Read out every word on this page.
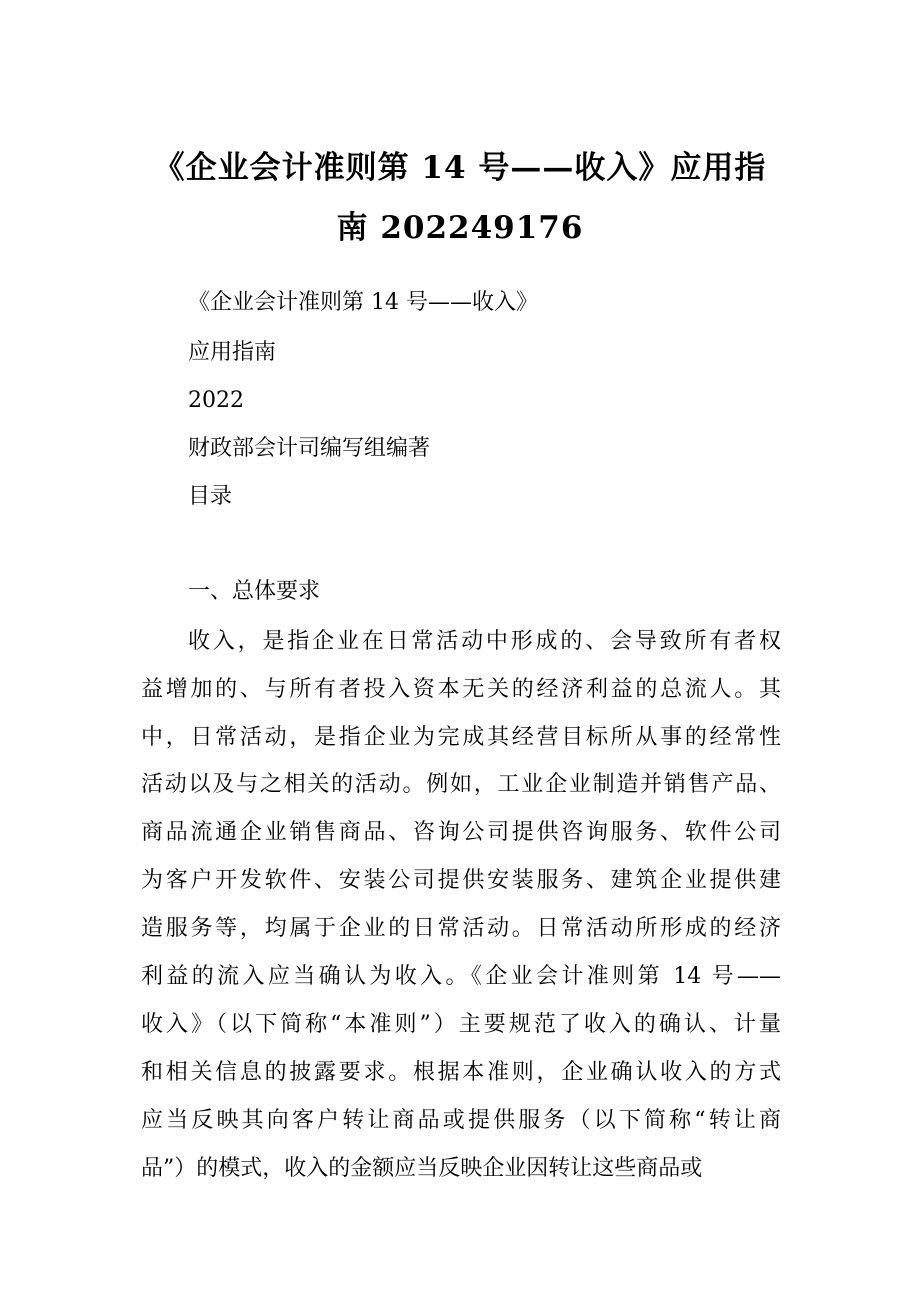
《企业会计准则第 14 号——收入》应用指
南 202249176
《企业会计准则第 14 号——收入》
应用指南
2022
财政部会计司编写组编著
目录
一、总体要求
收入，是指企业在日常活动中形成的、会导致所有者权
益增加的、与所有者投入资本无关的经济利益的总流人。其
中，日常活动，是指企业为完成其经营目标所从事的经常性
活动以及与之相关的活动。例如，工业企业制造并销售产品、
商品流通企业销售商品、咨询公司提供咨询服务、软件公司
为客户开发软件、安装公司提供安装服务、建筑企业提供建
造服务等，均属于企业的日常活动。日常活动所形成的经济
利益的流入应当确认为收入。《企业会计准则第 14 号——
收入》（以下简称“本准则”）主要规范了收入的确认、计量
和相关信息的披露要求。根据本准则，企业确认收入的方式
应当反映其向客户转让商品或提供服务（以下简称“转让商
品”）的模式，收入的金额应当反映企业因转让这些商品或
